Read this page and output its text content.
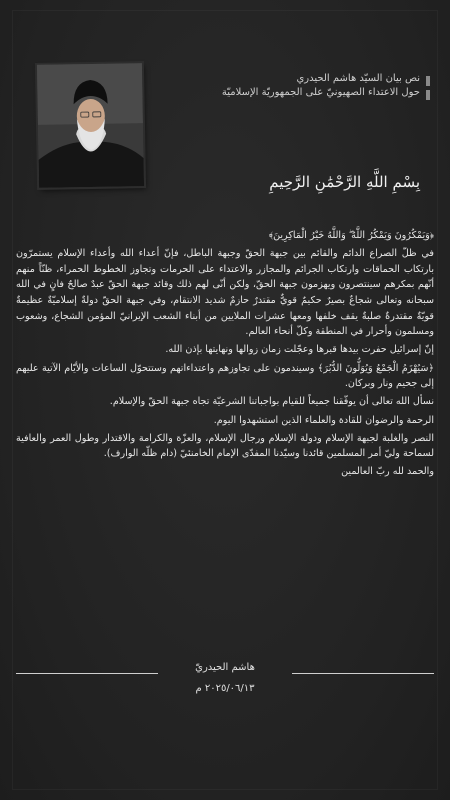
نص بيان السيّد هاشم الحيدري
حول الاعتداء الصهيونيّ على الجمهوريّة الإسلاميّة
بِسْمِ اللَّهِ الرَّحْمَٰنِ الرَّحِيمِ

﴿وَيَمْكُرُونَ وَيَمْكُرُ اللَّهُ ۖ وَاللَّهُ خَيْرُ الْمَاكِرِينَ﴾

في ظلّ الصراع الدائم والقائم بين جبهة الحقّ وجبهة الباطل، فإنّ أعداء الله وأعداء الإسلام يستمرّون بارتكاب الحماقات وارتكاب الجرائم والمجازر والاعتداء على الحرمات وتجاوز الخطوط الحمراء، ظنّاً منهم أنّهم بمكرهم سينتصرون ويهزمون جبهة الحقّ، ولكن أنّى لهم ذلك وقائد جبهة الحقّ عبدٌ صالحٌ فانٍ في الله سبحانه وتعالى شجاعٌ بصيرٌ حكيمٌ قويٌّ مقتدرٌ حازمٌ شديد الانتقام، وفي جبهة الحقّ دولةٌ إسلاميّةٌ عظيمةٌ قويّةٌ مقتدرةٌ صلبةٌ يقف خلفها ومعها عشرات الملايين من أبناء الشعب الإيرانيّ المؤمن الشجاع، وشعوب ومسلمون وأحرار في المنطقة وكلّ أنحاء العالم.

إنّ إسرائيل حفرت بيدها قبرها وعجّلت زمان زوالها ونهايتها بإذن الله.

﴿سَيُهْزَمُ الْجَمْعُ وَيُوَلُّونَ الدُّبُرَ﴾ وسيندمون على تجاوزهم واعتداءاتهم وستتحوّل الساعات والأيّام الآتية عليهم إلى جحيم ونار وبركان.

نسأل الله تعالى أن يوفّقنا جميعاً للقيام بواجباتنا الشرعيّة تجاه جبهة الحقّ والإسلام.

الرحمة والرضوان للقادة والعلماء الذين استشهدوا اليوم.

النصر والغلبة لجبهة الإسلام ودولة الإسلام ورجال الإسلام، والعزّة والكرامة والاقتدار وطول العمر والعافية لسماحة وليّ أمر المسلمين قائدنا وسيّدنا المفدّى الإمام الخامنئيّ (دام ظلّه الوارف).

والحمد لله ربّ العالمين

هاشم الحيدريّ
٢٠٢٥/٠٦/١٣ م
